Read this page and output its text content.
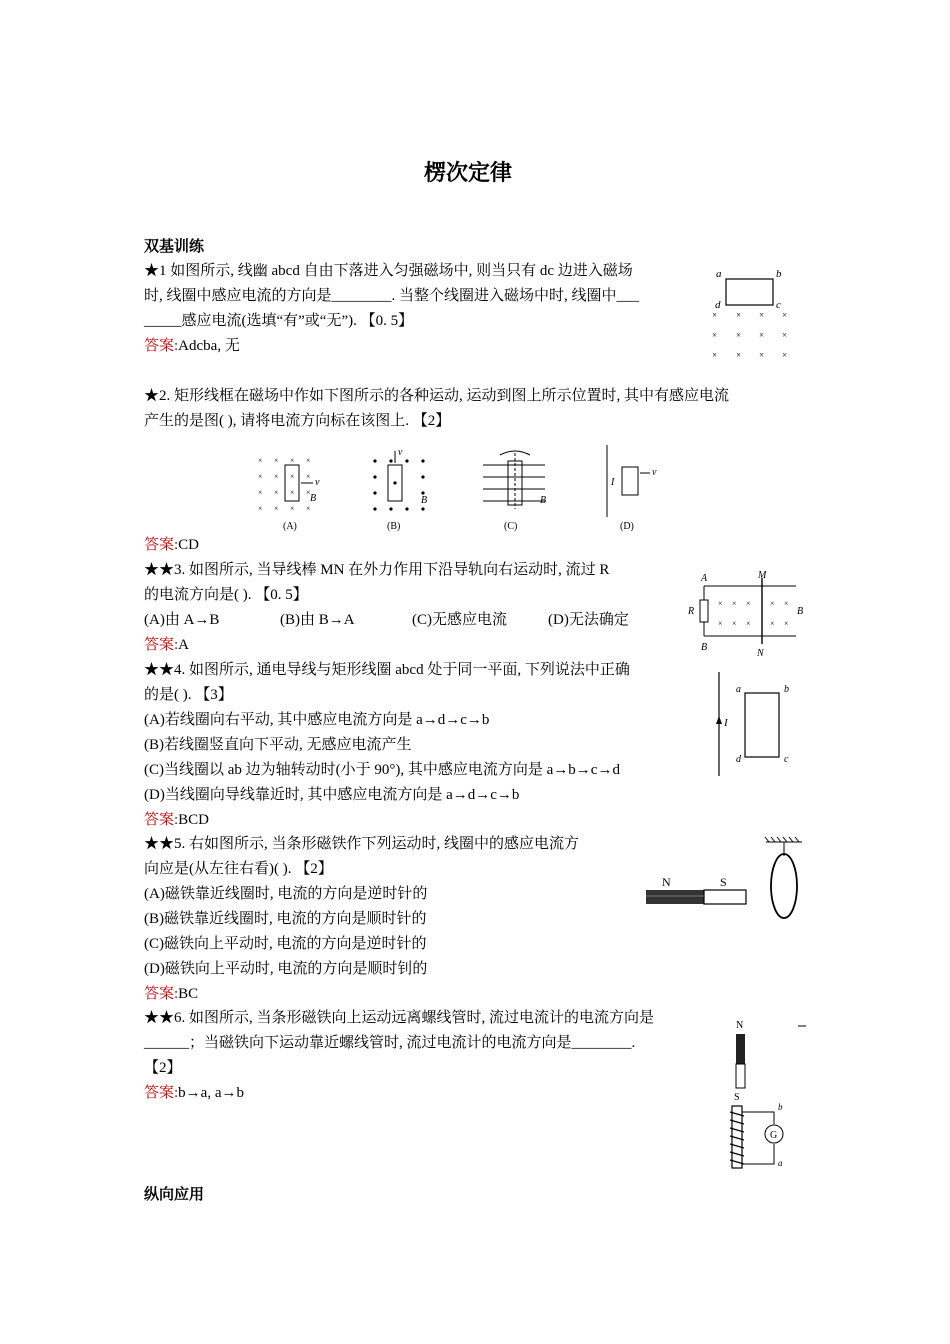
楞次定律
双基训练
★1 如图所示, 线幽 abcd 自由下落进入匀强磁场中, 则当只有 dc 边进入磁场
时, 线圈中感应电流的方向是________. 当整个线圈进入磁场中时, 线圈中___
_____感应电流(选填“有”或“无”). 【0. 5】
答案:Adcba, 无
a	b
c
d
× × × ×
× × × ×
× × × ×
★2. 矩形线框在磁场中作如下图所示的各种运动, 运动到图上所示位置时, 其中有感应电流
产生的是图( ), 请将电流方向标在该图上. 【2】
× × × ×
× ×	×
× ×	×
× × × ×
×
×
v
B
(A)
v
B
(B)
B
(C)
I
v
(D)
答案:CD
★★3. 如图所示, 当导线棒 MN 在外力作用下沿导轨向右运动时, 流过 R
的电流方向是( ). 【0. 5】
(A)由 A→B	(B)由 B→A	(C)无感应电流	(D)无法确定
答案:A
A
B
M
N
R	B
× × × × ×
× × × × ×
★★4. 如图所示, 通电导线与矩形线圈 abcd 处于同一平面, 下列说法中正确
的是( ). 【3】
(A)若线圈向右平动, 其中感应电流方向是 a→d→c→b
(B)若线圈竖直向下平动, 无感应电流产生
(C)当线圈以 ab 边为轴转动时(小于 90°), 其中感应电流方向是 a→b→c→d
(D)当线圈向导线靠近时, 其中感应电流方向是 a→d→c→b
答案:BCD
I
a	b
c
d
★★5. 右如图所示, 当条形磁铁作下列运动时, 线圈中的感应电流方
向应是(从左往右看)( ). 【2】
(A)磁铁靠近线圈时, 电流的方向是逆时针的
(B)磁铁靠近线圈时, 电流的方向是顺时针的
(C)磁铁向上平动时, 电流的方向是逆时针的
(D)磁铁向上平动时, 电流的方向是顺时钊的
答案:BC
N	S
★★6. 如图所示, 当条形磁铁向上运动远离螺线管时, 流过电流计的电流方向是
______；当磁铁向下运动靠近螺线管时, 流过电流计的电流方向是________.
【2】
答案:b→a, a→b
N
S
G
b
a
纵向应用
